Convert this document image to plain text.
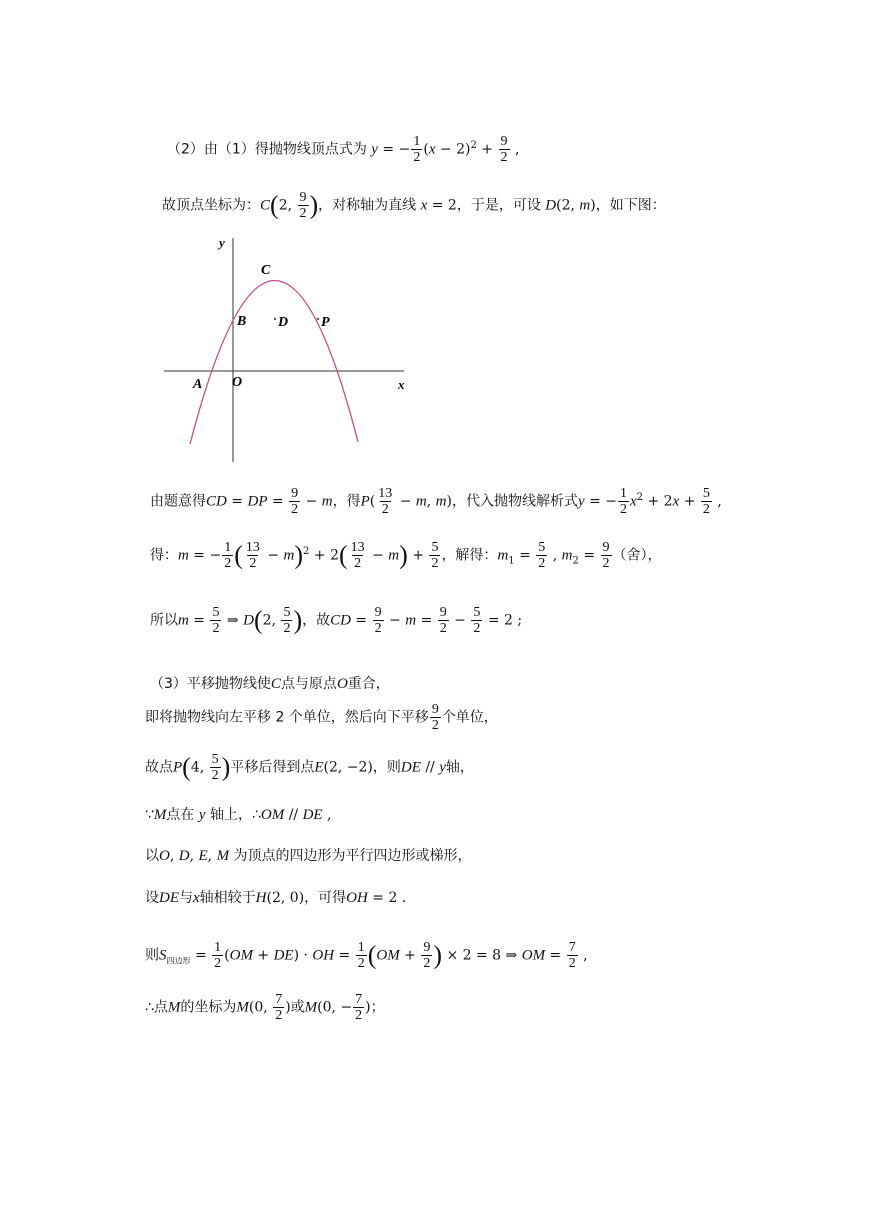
（2）由（1）得抛物线顶点式为 y = − $\frac{1}{2} (x - 2)^2 + \frac{9}{2}$ ,
故顶点坐标为：C(2, $\frac{9}{2}$ )，对称轴为直线 x = 2，于是，可设 D(2, m)，如下图：
y
x
C
B D P
A O
由题意得CD = DP = $\frac{9}{2} - m$，得$P( \frac{13}{2} - m$, m)，代入抛物线解析式y = − $\frac{1}{2} x^2 + 2x + \frac{5}{2}$ ,
得：m = − $\frac{1}{2}$ ( $\frac{13}{2} - m)^2 + 2( \frac{13}{2} - m) + \frac{5}{2}$ ，解得：$m_1 = \frac{5}{2}$ , $m_2 = \frac{9}{2}$ （舍），
所以$m = \frac{5}{2}$ ⇒ D(2, $\frac{5}{2}$ )，故CD = $\frac{9}{2} - m = \frac{9}{2} - \frac{5}{2} = 2$ ;
（3）平移抛物线使C点与原点O重合，
即将抛物线向左平移 2 个单位，然后向下平移 $\frac{9}{2}$ 个单位，
故点P(4, $\frac{5}{2}$ )平移后得到点E(2, −2)，则DE // y轴，
∵M点在 y 轴上，∴OM // DE ,
以O, D, E, M 为顶点的四边形为平行四边形或梯形，
设DE与x轴相较于H(2, 0)，可得OH = 2 .
则$S_{四边形} = \frac{1}{2} (OM + DE)$ · OH = $\frac{1}{2} (OM + \frac{9}{2}$ ) × 2 = 8 ⇒ OM = $\frac{7}{2}$ ,
∴点M的坐标为M(0, $\frac{7}{2}$ )或M(0, − $\frac{7}{2}$ )；
